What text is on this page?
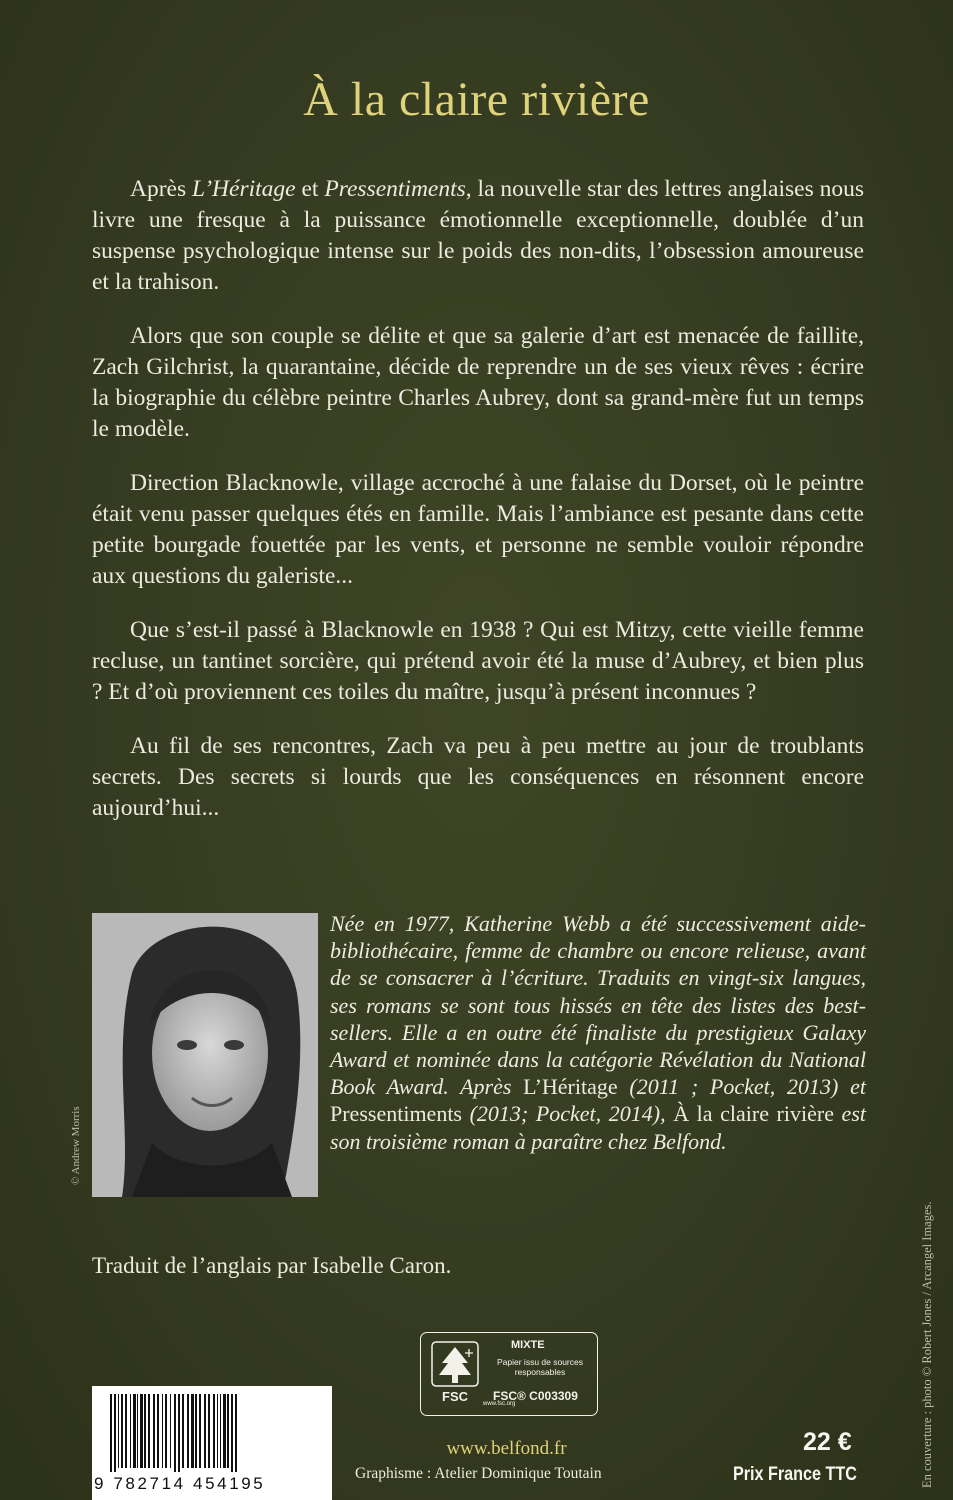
À la claire rivière

Après L’Héritage et Pressentiments, la nouvelle star des lettres anglaises nous livre une fresque à la puissance émotionnelle exceptionnelle, doublée d’un suspense psychologique intense sur le poids des non-dits, l’obsession amoureuse et la trahison.

Alors que son couple se délite et que sa galerie d’art est menacée de faillite, Zach Gilchrist, la quarantaine, décide de reprendre un de ses vieux rêves : écrire la biographie du célèbre peintre Charles Aubrey, dont sa grand-mère fut un temps le modèle.

Direction Blacknowle, village accroché à une falaise du Dorset, où le peintre était venu passer quelques étés en famille. Mais l’ambiance est pesante dans cette petite bourgade fouettée par les vents, et personne ne semble vouloir répondre aux questions du galeriste...

Que s’est-il passé à Blacknowle en 1938 ? Qui est Mitzy, cette vieille femme recluse, un tantinet sorcière, qui prétend avoir été la muse d’Aubrey, et bien plus ? Et d’où proviennent ces toiles du maître, jusqu’à présent inconnues ?

Au fil de ses rencontres, Zach va peu à peu mettre au jour de troublants secrets. Des secrets si lourds que les conséquences en résonnent encore aujourd’hui...

© Andrew Morris

Née en 1977, Katherine Webb a été successivement aide-bibliothécaire, femme de chambre ou encore relieuse, avant de se consacrer à l’écriture. Traduits en vingt-six langues, ses romans se sont tous hissés en tête des listes des best-sellers. Elle a en outre été finaliste du prestigieux Galaxy Award et nominée dans la catégorie Révélation du National Book Award. Après L’Héritage (2011 ; Pocket, 2013) et Pressentiments (2013; Pocket, 2014), À la claire rivière est son troisième roman à paraître chez Belfond.

Traduit de l’anglais par Isabelle Caron.

FSC	www.fsc.org
MIXTE
Papier issu de sources responsables
FSC® C003309
9 782714 454195

www.belfond.fr

Graphisme : Atelier Dominique Toutain

22 €

Prix France TTC	En couverture : photo © Robert Jones / Arcangel Images.
